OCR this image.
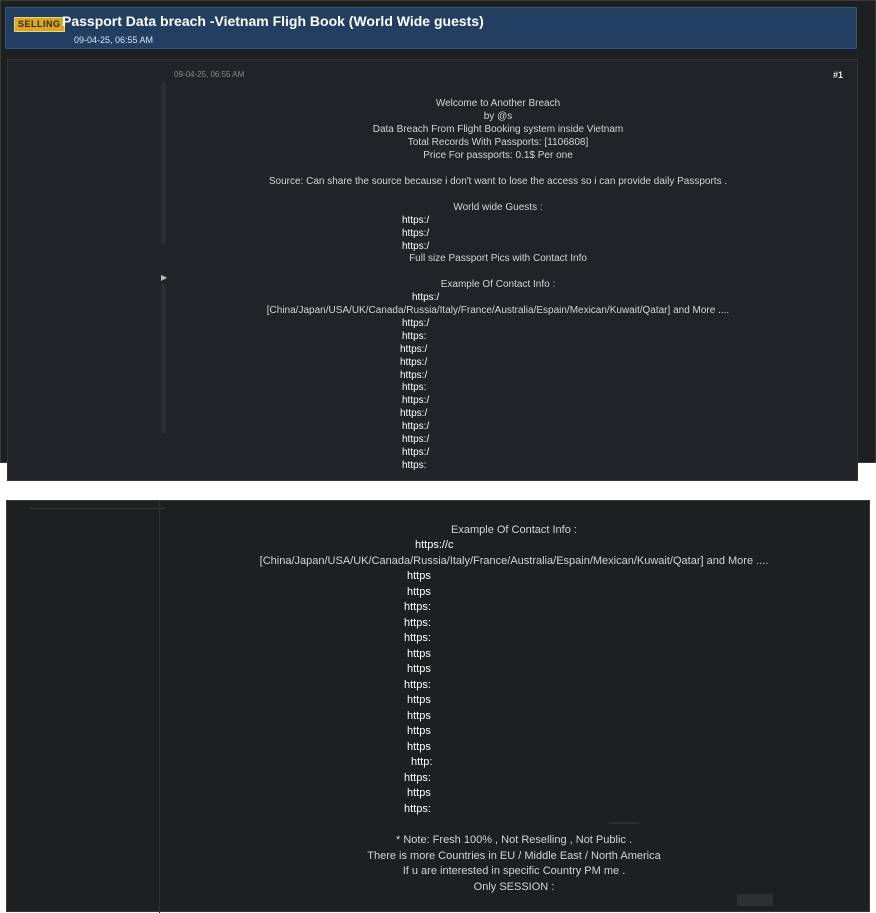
SELLING Passport Data breach -Vietnam Fligh Book (World Wide guests)
09-04-25, 06:55 AM
▶
09-04-25, 06:55 AM	#1
Welcome to Another Breach
by @s
Data Breach From Flight Booking system inside Vietnam
Total Records With Passports: [1106808]
Price For passports: 0.1$ Per one
Source: Can share the source because i don't want to lose the access so i can provide daily Passports .
World wide Guests :
https:/
https:/
https:/
Full size Passport Pics with Contact Info
Example Of Contact Info :
https:/
[China/Japan/USA/UK/Canada/Russia/Italy/France/Australia/Espain/Mexican/Kuwait/Qatar] and More ....
https:/
https:
https:/
https:/
https:/
https:
https:/
https:/
https:/
https:/
https:/
https:
Example Of Contact Info :
https://c
[China/Japan/USA/UK/Canada/Russia/Italy/France/Australia/Espain/Mexican/Kuwait/Qatar] and More ....
https
https
https:
https:
https:
https
https
https:
https
https
https
https
http:
https:
https
https:
* Note: Fresh 100% , Not Reselling , Not Public .
There is more Countries in EU / Middle East / North America
If u are interested in specific Country PM me .
Only SESSION :
